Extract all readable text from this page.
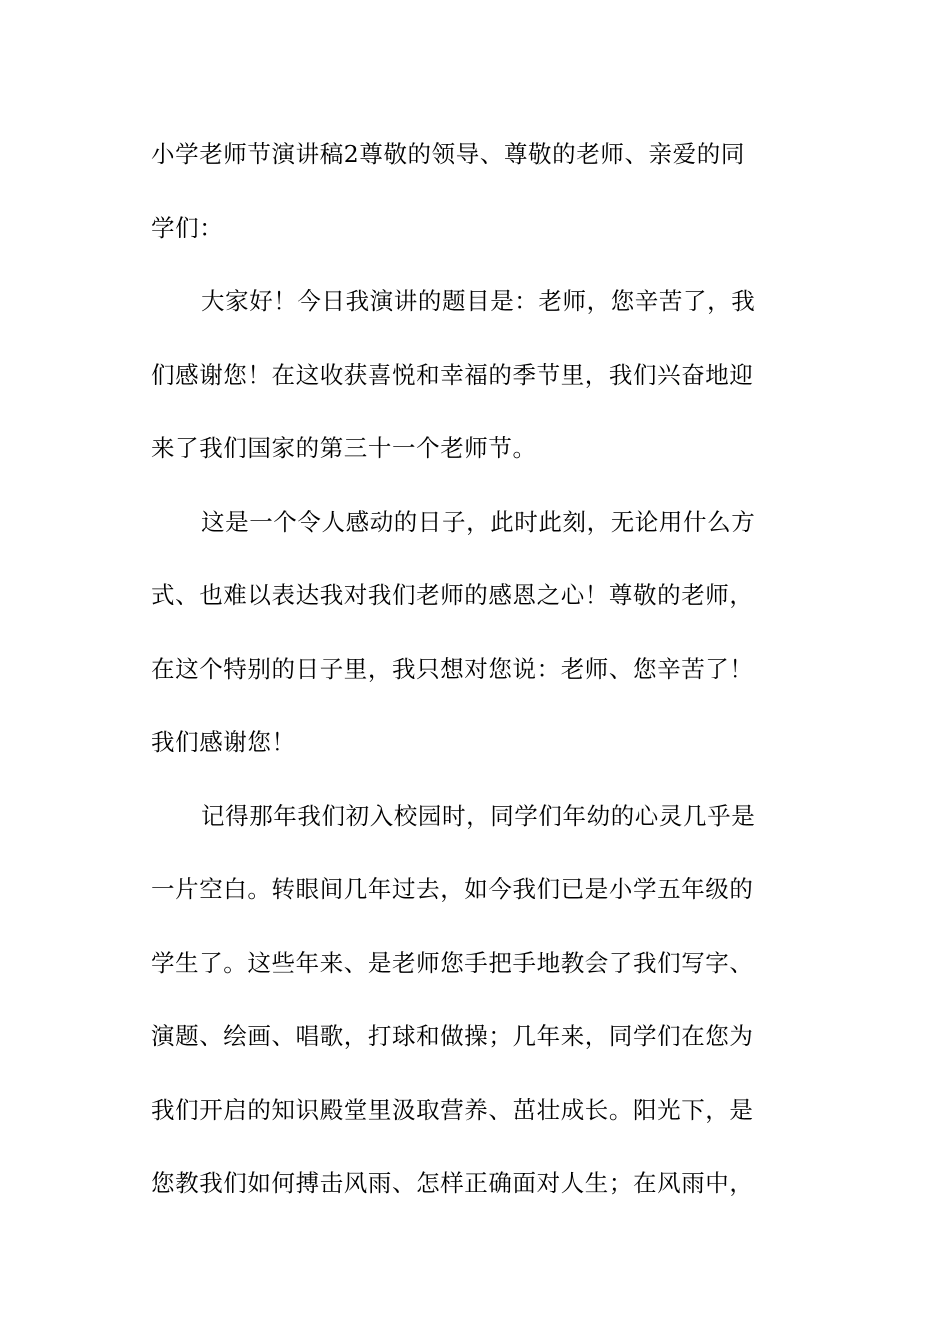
小学老师节演讲稿2尊敬的领导、尊敬的老师、亲爱的同
学们：
大家好！今日我演讲的题目是：老师，您辛苦了，我
们感谢您！在这收获喜悦和幸福的季节里，我们兴奋地迎
来了我们国家的第三十一个老师节。
这是一个令人感动的日子，此时此刻，无论用什么方
式、也难以表达我对我们老师的感恩之心！尊敬的老师，
在这个特别的日子里，我只想对您说：老师、您辛苦了！
我们感谢您！
记得那年我们初入校园时，同学们年幼的心灵几乎是
一片空白。转眼间几年过去，如今我们已是小学五年级的
学生了。这些年来、是老师您手把手地教会了我们写字、
演题、绘画、唱歌，打球和做操；几年来，同学们在您为
我们开启的知识殿堂里汲取营养、茁壮成长。阳光下，是
您教我们如何搏击风雨、怎样正确面对人生；在风雨中，
